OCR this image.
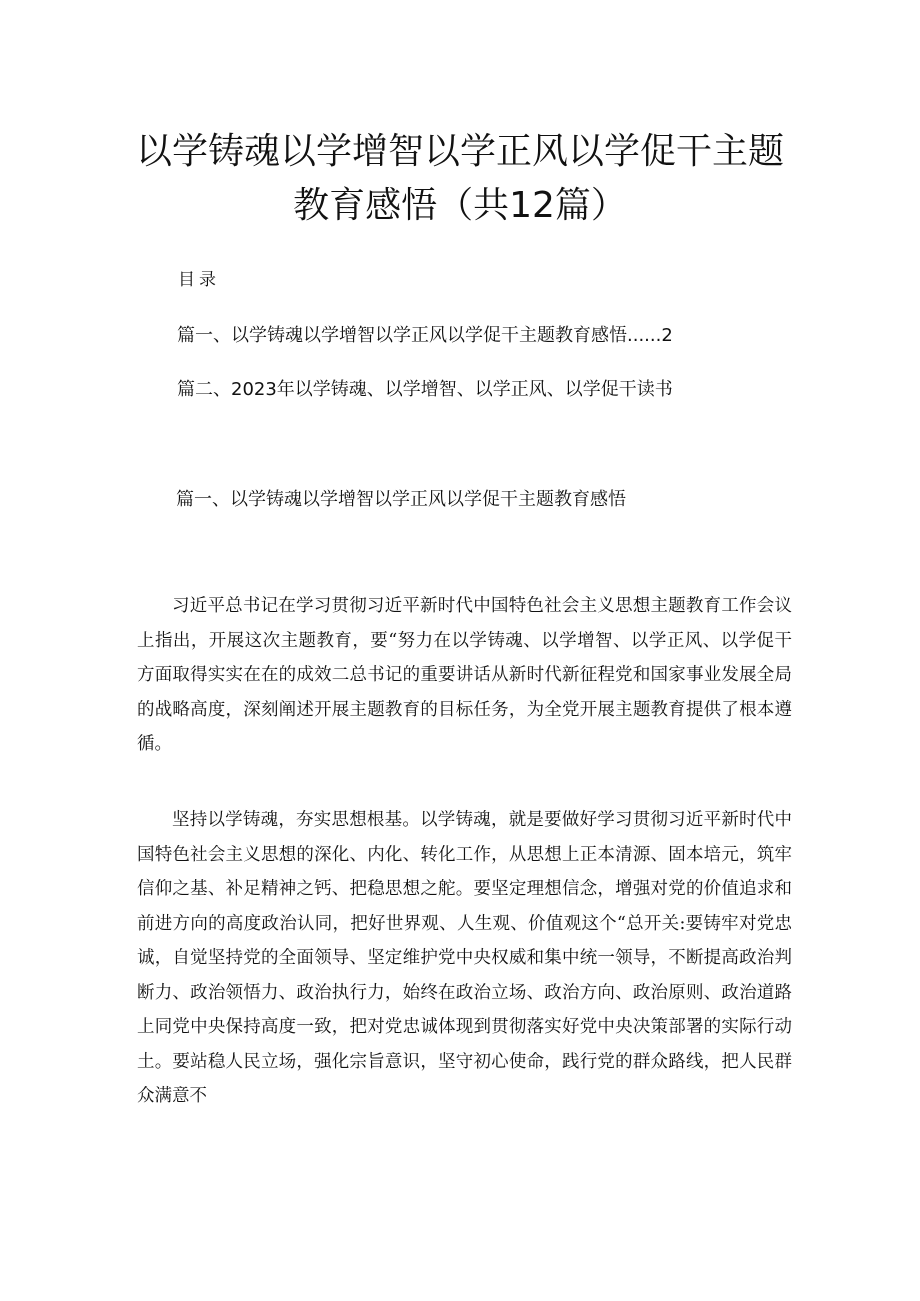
以学铸魂以学增智以学正风以学促干主题
教育感悟（共12篇）
目录
篇一、以学铸魂以学增智以学正风以学促干主题教育感悟......2
篇二、2023年以学铸魂、以学增智、以学正风、以学促干读书
篇一、以学铸魂以学增智以学正风以学促干主题教育感悟

习近平总书记在学习贯彻习近平新时代中国特色社会主义思想主题教育工作会议上指出，开展这次主题教育，要“努力在以学铸魂、以学增智、以学正风、以学促干方面取得实实在在的成效二总书记的重要讲话从新时代新征程党和国家事业发展全局的战略高度，深刻阐述开展主题教育的目标任务，为全党开展主题教育提供了根本遵循。

坚持以学铸魂，夯实思想根基。以学铸魂，就是要做好学习贯彻习近平新时代中国特色社会主义思想的深化、内化、转化工作，从思想上正本清源、固本培元，筑牢信仰之基、补足精神之钙、把稳思想之舵。要坚定理想信念，增强对党的价值追求和前进方向的高度政治认同，把好世界观、人生观、价值观这个“总开关:要铸牢对党忠诚，自觉坚持党的全面领导、坚定维护党中央权威和集中统一领导，不断提高政治判断力、政治领悟力、政治执行力，始终在政治立场、政治方向、政治原则、政治道路上同党中央保持高度一致，把对党忠诚体现到贯彻落实好党中央决策部署的实际行动土。要站稳人民立场，强化宗旨意识，坚守初心使命，践行党的群众路线，把人民群众满意不
